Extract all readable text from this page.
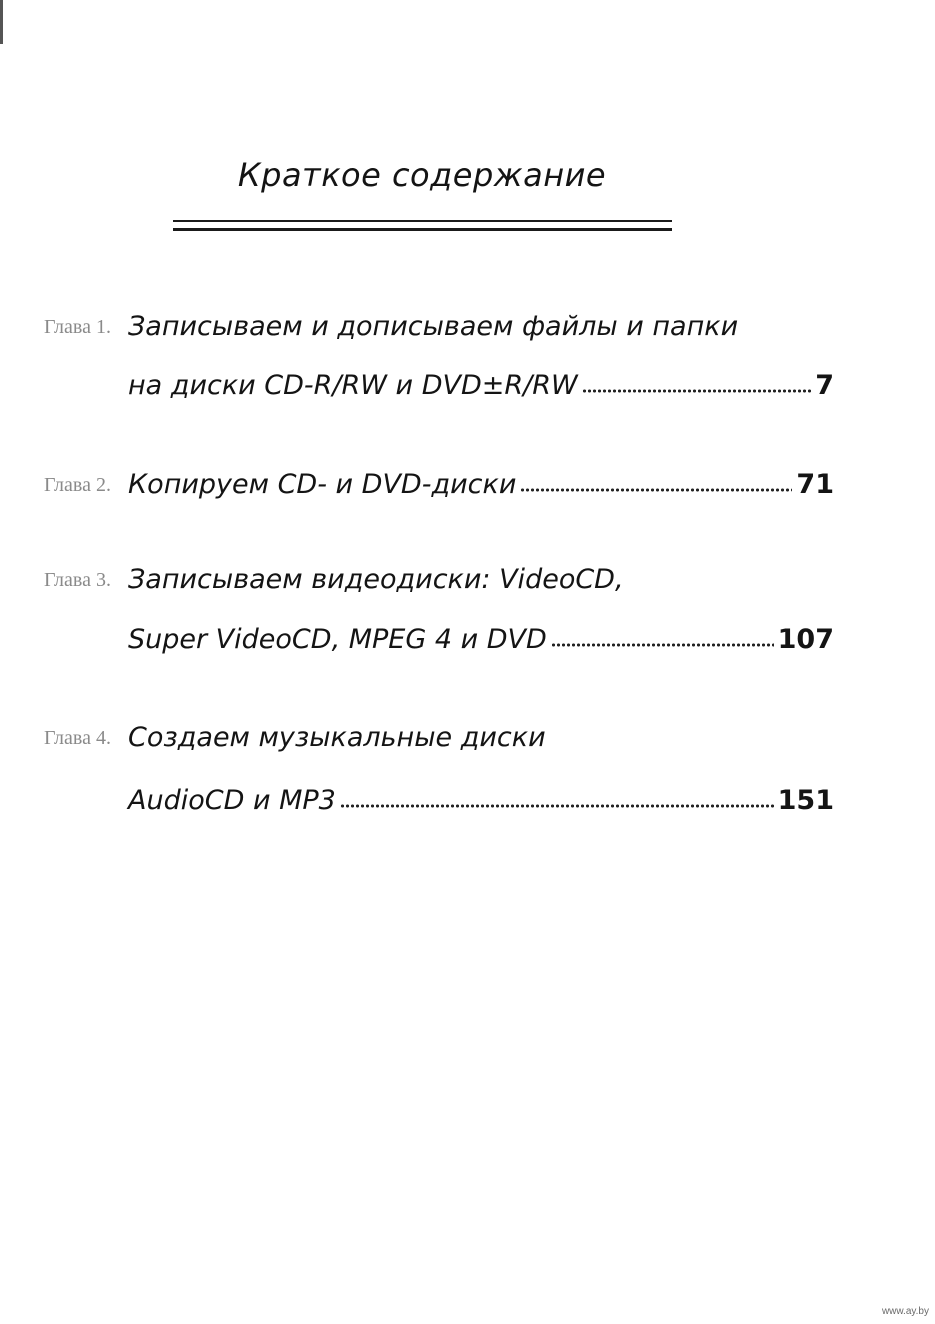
Краткое содержание
Глава 1. Записываем и дописываем файлы и папки
на диски CD-R/RW и DVD±R/RW	7
Глава 2. Копируем CD- и DVD-диски	71
Глава 3. Записываем видеодиски: VideoCD,
Super VideoCD, MPEG 4 и DVD	107
Глава 4. Создаем музыкальные диски
AudioCD и MP3	151
www.ay.by
